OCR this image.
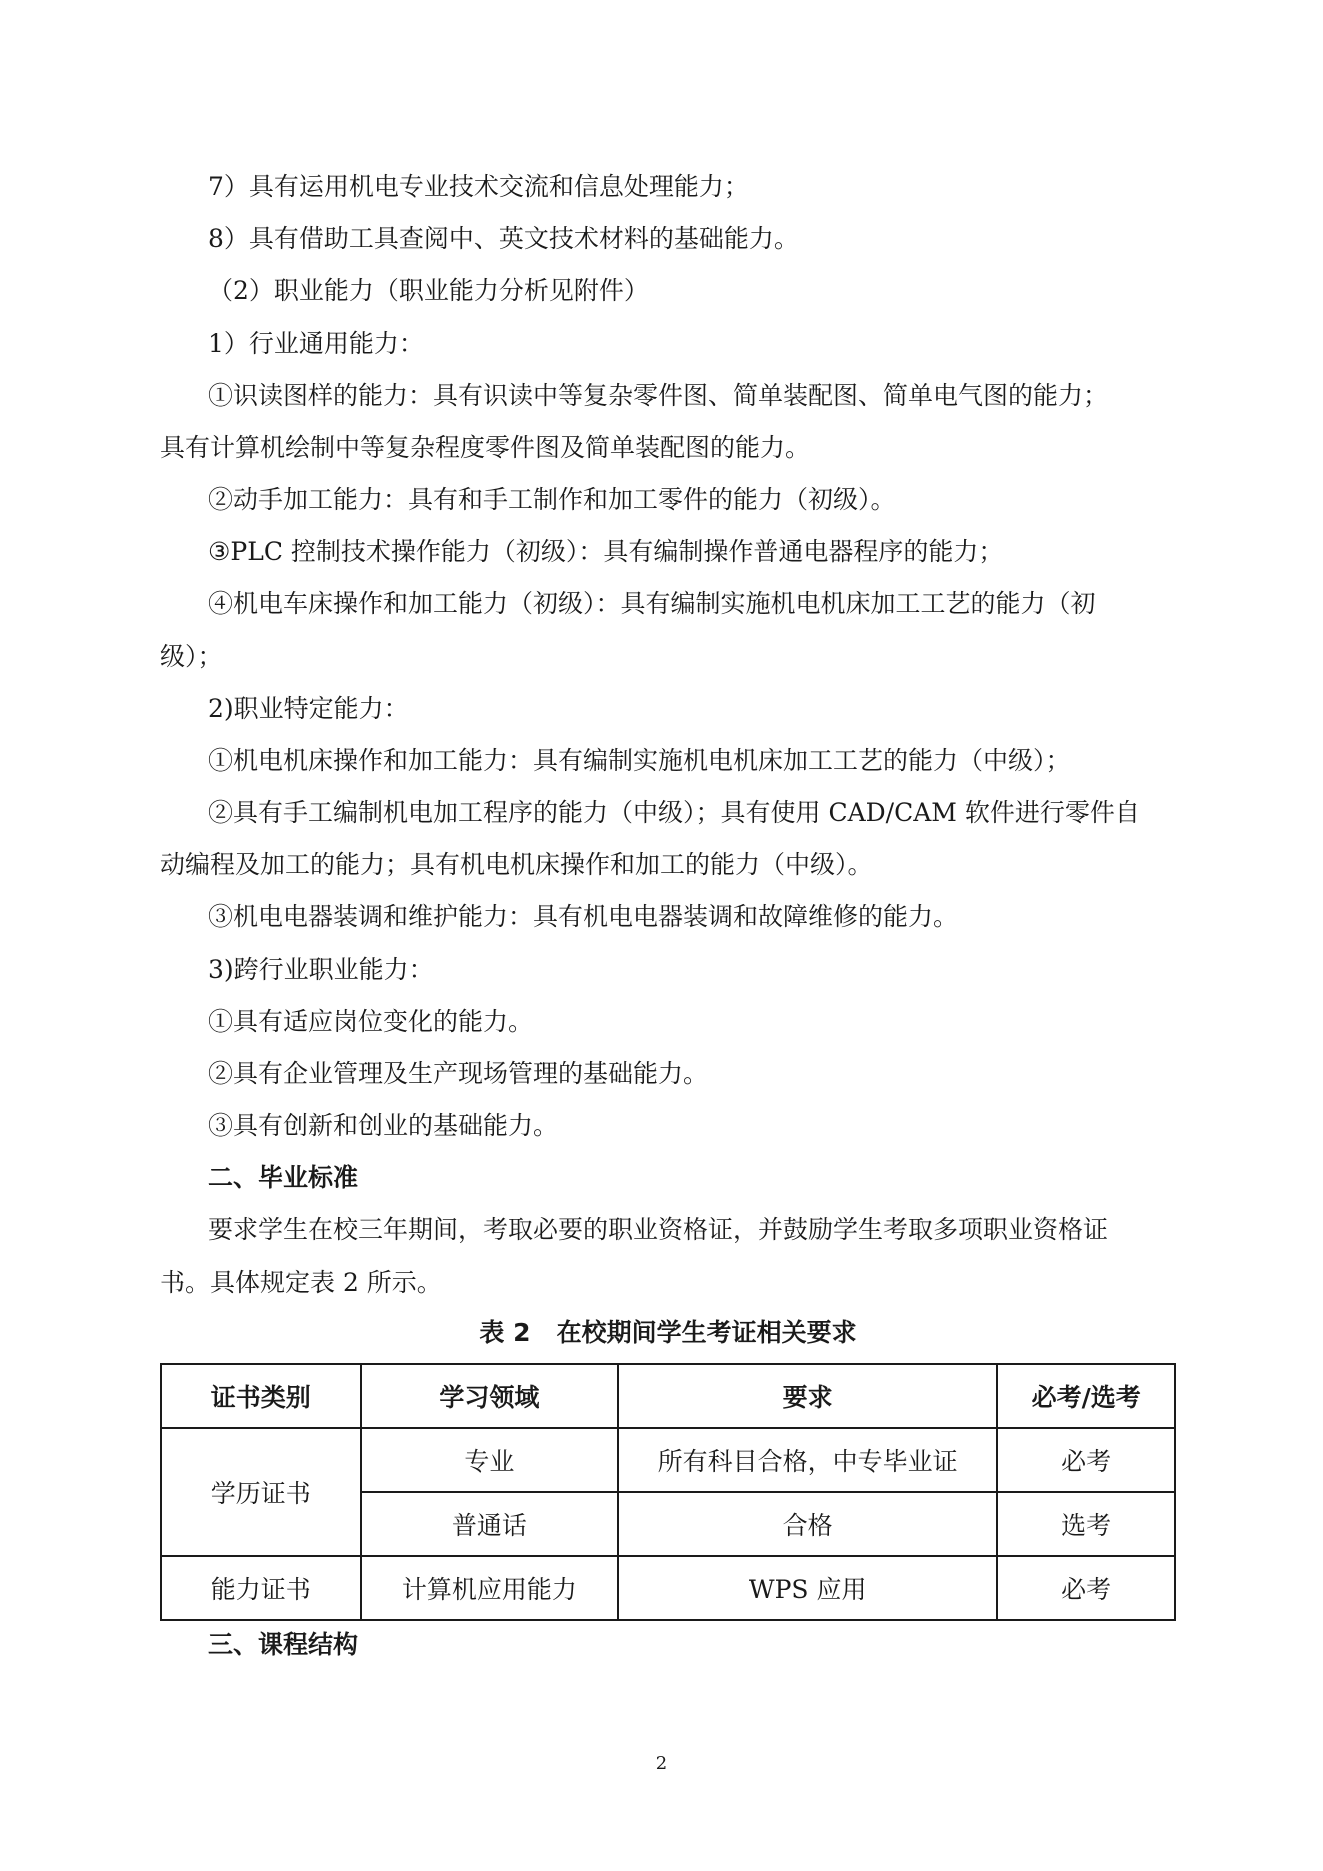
7）具有运用机电专业技术交流和信息处理能力；
8）具有借助工具查阅中、英文技术材料的基础能力。
（2）职业能力（职业能力分析见附件）
1）行业通用能力：
①识读图样的能力：具有识读中等复杂零件图、简单装配图、简单电气图的能力；
具有计算机绘制中等复杂程度零件图及简单装配图的能力。
②动手加工能力：具有和手工制作和加工零件的能力（初级）。
③PLC 控制技术操作能力（初级）：具有编制操作普通电器程序的能力；
④机电车床操作和加工能力（初级）：具有编制实施机电机床加工工艺的能力（初
级）；
2)职业特定能力：
①机电机床操作和加工能力：具有编制实施机电机床加工工艺的能力（中级）；
②具有手工编制机电加工程序的能力（中级）；具有使用 CAD/CAM 软件进行零件自
动编程及加工的能力；具有机电机床操作和加工的能力（中级）。
③机电电器装调和维护能力：具有机电电器装调和故障维修的能力。
3)跨行业职业能力：
①具有适应岗位变化的能力。
②具有企业管理及生产现场管理的基础能力。
③具有创新和创业的基础能力。
二、毕业标准
要求学生在校三年期间，考取必要的职业资格证，并鼓励学生考取多项职业资格证
书。具体规定表 2 所示。
表 2   在校期间学生考证相关要求
证书类别	学习领域	要求	必考/选考
学历证书	专业	所有科目合格，中专毕业证	必考
	普通话	合格	选考
能力证书	计算机应用能力	WPS 应用	必考
三、课程结构
2
